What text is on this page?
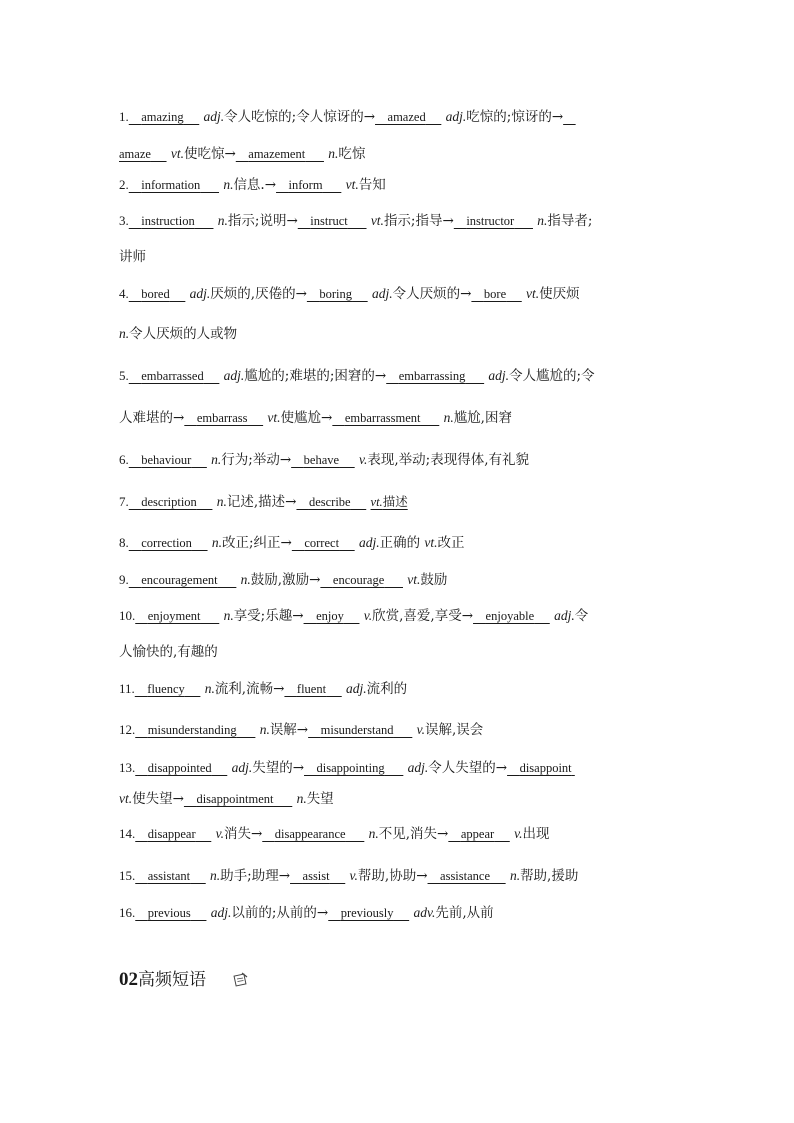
1. amazing adj.令人吃惊的;令人惊讶的→ amazed adj.吃惊的;惊讶的→
amaze vt.使吃惊→ amazement n.吃惊
2. information n.信息.→ inform vt.告知
3. instruction n.指示;说明→ instruct vt.指示;指导→ instructor n.指导者;
讲师
4. bored adj.厌烦的,厌倦的→ boring adj.令人厌烦的→ bore vt.使厌烦
n.令人厌烦的人或物
5. embarrassed adj.尴尬的;难堪的;困窘的→ embarrassing adj.令人尴尬的;令
人难堪的→ embarrass vt.使尴尬→ embarrassment n.尴尬,困窘
6. behaviour n.行为;举动→ behave v.表现,举动;表现得体,有礼貌
7. description n.记述,描述→ describe vt.描述
8. correction n.改正;纠正→ correct adj.正确的 vt.改正
9. encouragement n.鼓励,激励→ encourage vt.鼓励
10. enjoyment n.享受;乐趣→ enjoy v.欣赏,喜爱,享受→ enjoyable adj.令
人愉快的,有趣的
11. fluency n.流利,流畅→ fluent adj.流利的
12. misunderstanding n.误解→ misunderstand v.误解,误会
13. disappointed adj.失望的→ disappointing adj.令人失望的→ disappoint
vt.使失望→ disappointment n.失望
14. disappear v.消失→ disappearance n.不见,消失→ appear v.出现
15. assistant n.助手;助理→ assist v.帮助,协助→ assistance n.帮助,援助
16. previous adj.以前的;从前的→ previously adv.先前,从前
02高频短语
